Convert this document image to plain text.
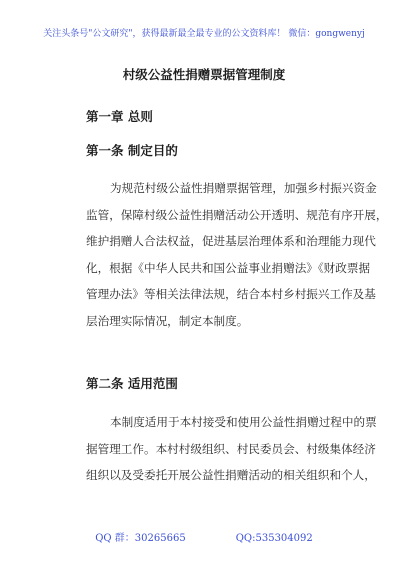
关注头条号"公文研究"，获得最新最全最专业的公文资料库！ 微信：gongwenyj
村级公益性捐赠票据管理制度
第一章 总则
第一条 制定目的
为规范村级公益性捐赠票据管理，加强乡村振兴资金
监管，保障村级公益性捐赠活动公开透明、规范有序开展，
维护捐赠人合法权益，促进基层治理体系和治理能力现代
化，根据《中华人民共和国公益事业捐赠法》《财政票据
管理办法》等相关法律法规，结合本村乡村振兴工作及基
层治理实际情况，制定本制度。
第二条 适用范围
本制度适用于本村接受和使用公益性捐赠过程中的票
据管理工作。本村村级组织、村民委员会、村级集体经济
组织以及受委托开展公益性捐赠活动的相关组织和个人，
QQ 群：30265665	QQ:535304092
